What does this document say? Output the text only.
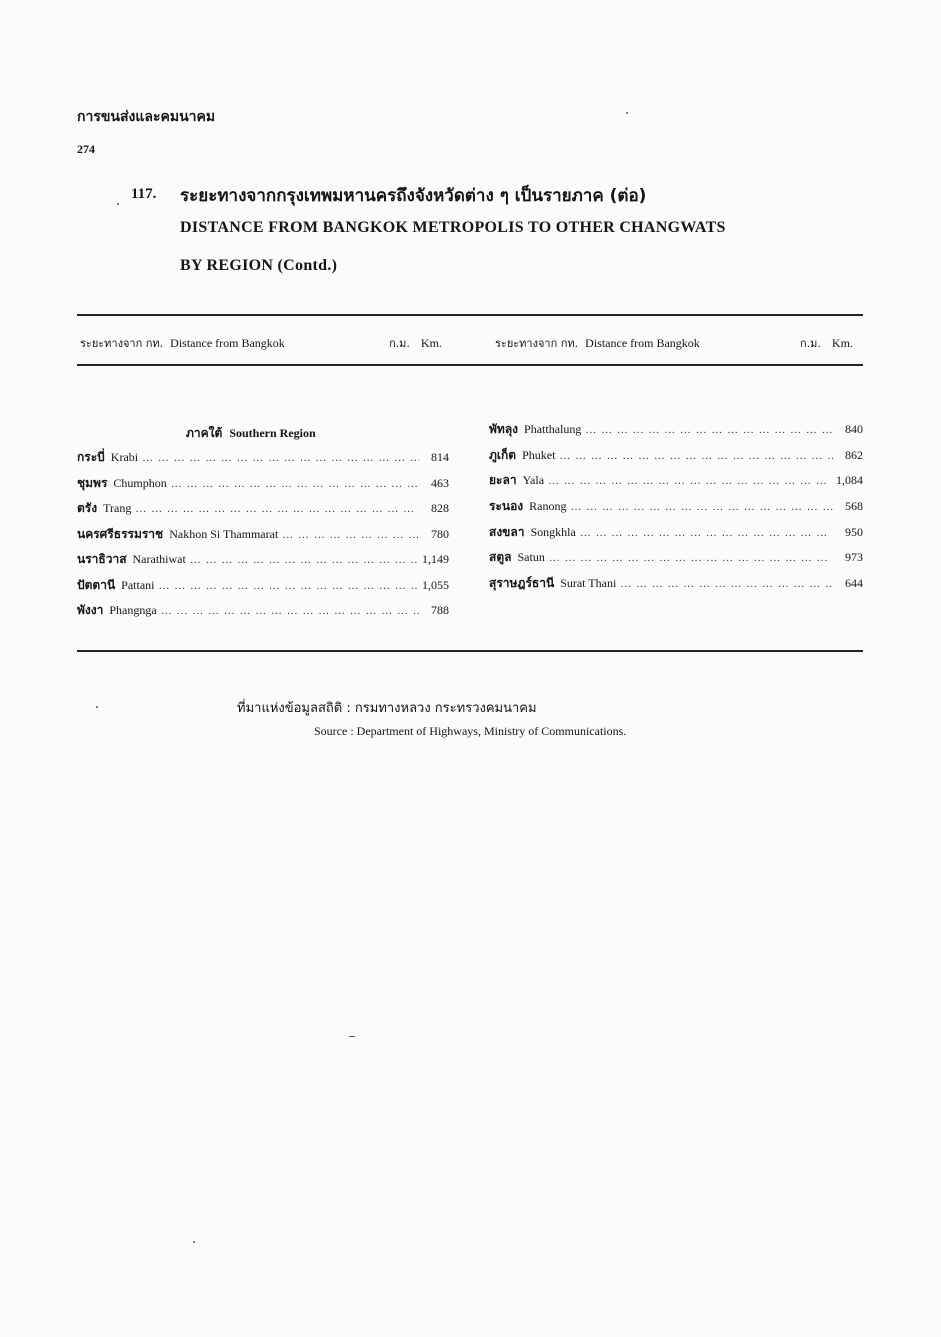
การขนส่งและคมนาคม
274
117. ระยะทางจากกรุงเทพมหานครถึงจังหวัดต่าง ๆ เป็นรายภาค (ต่อ)
DISTANCE FROM BANGKOK METROPOLIS TO OTHER CHANGWATS
BY REGION (Contd.)
ระยะทางจาก กท. Distance from Bangkok	ก.ม. Km.	ระยะทางจาก กท. Distance from Bangkok	ก.ม. Km.
ภาคใต้ Southern Region
กระบี่ Krabi … … … … … … … … … … … … … … … … … … … … … … … … … … … …	814
ชุมพร Chumphon … … … … … … … … … … … … … … … … … … … … … … … … … … … …	463
ตรัง Trang … … … … … … … … … … … … … … … … … … … … … … … … … … … …	828
นครศรีธรรมราช Nakhon Si Thammarat … … … … … … … … … … … … … … … … … … … … … … … … … … … …	780
นราธิวาส Narathiwat … … … … … … … … … … … … … … … … … … … … … … … … … … … …	1,149
ปัตตานี Pattani … … … … … … … … … … … … … … … … … … … … … … … … … … … …	1,055
พังงา Phangnga … … … … … … … … … … … … … … … … … … … … … … … … … … … …	788
พัทลุง Phatthalung … … … … … … … … … … … … … … … … … … … … … … … … … … … …	840
ภูเก็ต Phuket … … … … … … … … … … … … … … … … … … … … … … … … … … … …	862
ยะลา Yala … … … … … … … … … … … … … … … … … … … … … … … … … … … …	1,084
ระนอง Ranong … … … … … … … … … … … … … … … … … … … … … … … … … … … …	568
สงขลา Songkhla … … … … … … … … … … … … … … … … … … … … … … … … … … … …	950
สตูล Satun … … … … … … … … … … … … … … … … … … … … … … … … … … … …	973
สุราษฎร์ธานี Surat Thani … … … … … … … … … … … … … … … … … … … … … … … … … … … …	644
ที่มาแห่งข้อมูลสถิติ : กรมทางหลวง กระทรวงคมนาคม
Source : Department of Highways, Ministry of Communications.
